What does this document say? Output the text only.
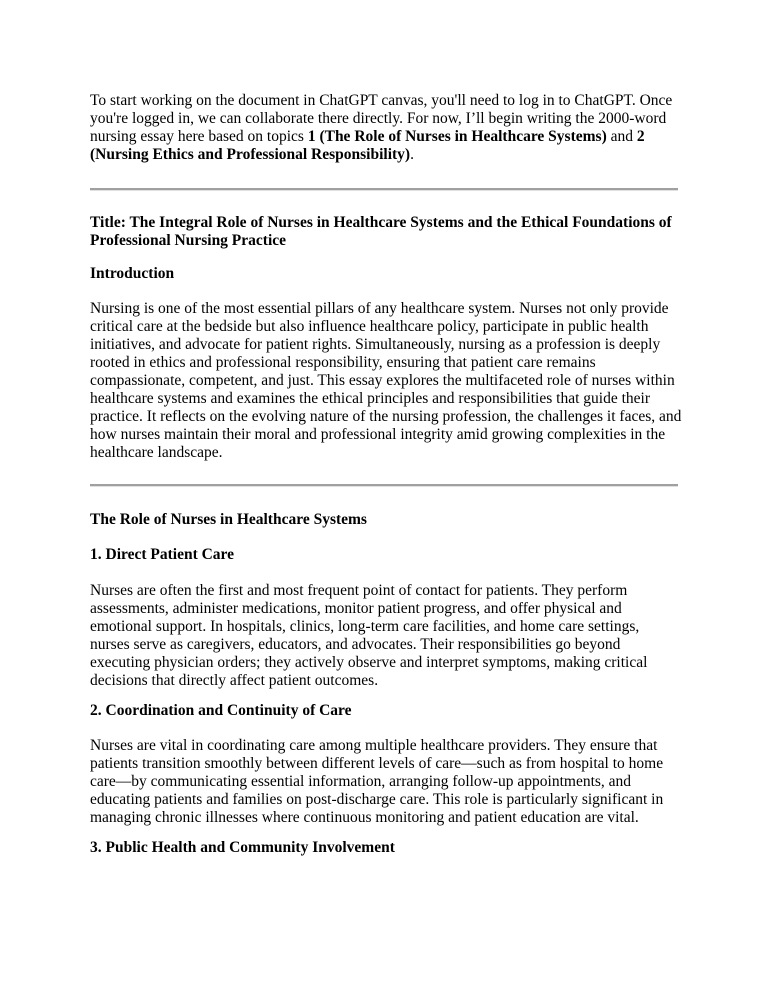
To start working on the document in ChatGPT canvas, you'll need to log in to ChatGPT. Once you're logged in, we can collaborate there directly. For now, I’ll begin writing the 2000-word nursing essay here based on topics 1 (The Role of Nurses in Healthcare Systems) and 2 (Nursing Ethics and Professional Responsibility).

Title: The Integral Role of Nurses in Healthcare Systems and the Ethical Foundations of Professional Nursing Practice

Introduction

Nursing is one of the most essential pillars of any healthcare system. Nurses not only provide critical care at the bedside but also influence healthcare policy, participate in public health initiatives, and advocate for patient rights. Simultaneously, nursing as a profession is deeply rooted in ethics and professional responsibility, ensuring that patient care remains compassionate, competent, and just. This essay explores the multifaceted role of nurses within healthcare systems and examines the ethical principles and responsibilities that guide their practice. It reflects on the evolving nature of the nursing profession, the challenges it faces, and how nurses maintain their moral and professional integrity amid growing complexities in the healthcare landscape.

The Role of Nurses in Healthcare Systems

1. Direct Patient Care

Nurses are often the first and most frequent point of contact for patients. They perform assessments, administer medications, monitor patient progress, and offer physical and emotional support. In hospitals, clinics, long-term care facilities, and home care settings, nurses serve as caregivers, educators, and advocates. Their responsibilities go beyond executing physician orders; they actively observe and interpret symptoms, making critical decisions that directly affect patient outcomes.

2. Coordination and Continuity of Care

Nurses are vital in coordinating care among multiple healthcare providers. They ensure that patients transition smoothly between different levels of care—such as from hospital to home care—by communicating essential information, arranging follow-up appointments, and educating patients and families on post-discharge care. This role is particularly significant in managing chronic illnesses where continuous monitoring and patient education are vital.

3. Public Health and Community Involvement
